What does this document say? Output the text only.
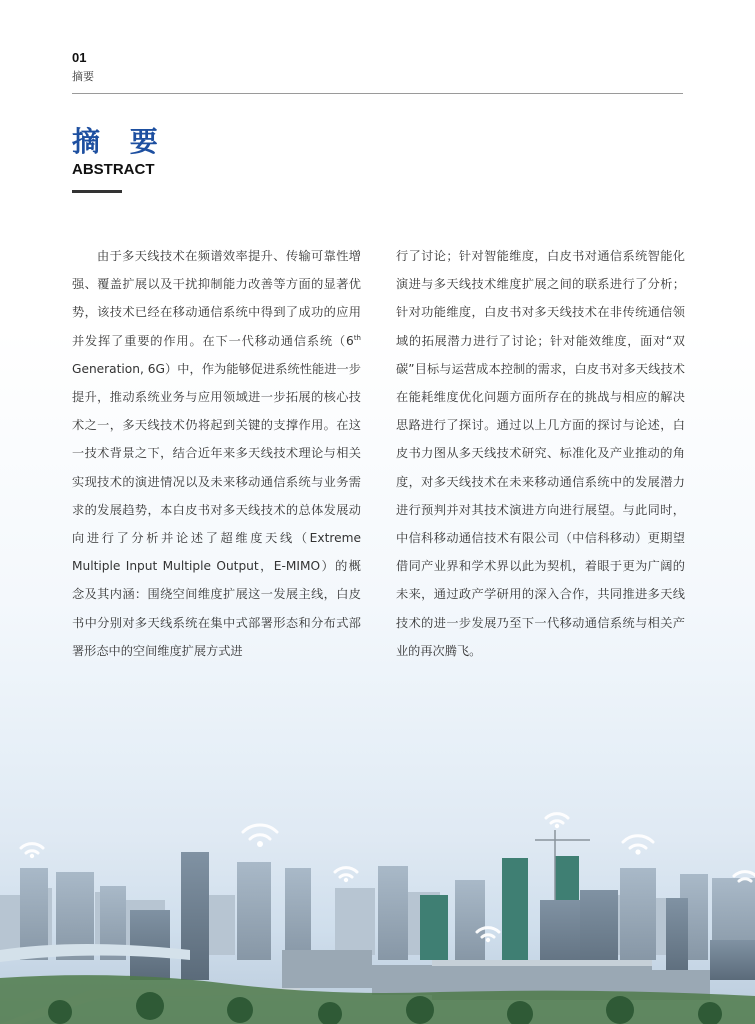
01
摘要
摘 要
ABSTRACT
由于多天线技术在频谱效率提升、传输可靠性增强、覆盖扩展以及干扰抑制能力改善等方面的显著优势，该技术已经在移动通信系统中得到了成功的应用并发挥了重要的作用。在下一代移动通信系统（6th Generation, 6G）中，作为能够促进系统性能进一步提升，推动系统业务与应用领域进一步拓展的核心技术之一，多天线技术仍将起到关键的支撑作用。在这一技术背景之下，结合近年来多天线技术理论与相关实现技术的演进情况以及未来移动通信系统与业务需求的发展趋势，本白皮书对多天线技术的总体发展动向进行了分析并论述了超维度天线（Extreme Multiple Input Multiple Output，E-MIMO）的概念及其内涵：围绕空间维度扩展这一发展主线，白皮书中分别对多天线系统在集中式部署形态和分布式部署形态中的空间维度扩展方式进
行了讨论；针对智能维度，白皮书对通信系统智能化演进与多天线技术维度扩展之间的联系进行了分析；针对功能维度，白皮书对多天线技术在非传统通信领域的拓展潜力进行了讨论；针对能效维度，面对“双碳”目标与运营成本控制的需求，白皮书对多天线技术在能耗维度优化问题方面所存在的挑战与相应的解决思路进行了探讨。通过以上几方面的探讨与论述，白皮书力图从多天线技术研究、标准化及产业推动的角度，对多天线技术在未来移动通信系统中的发展潜力进行预判并对其技术演进方向进行展望。与此同时，中信科移动通信技术有限公司（中信科移动）更期望借同产业界和学术界以此为契机，着眼于更为广阔的未来，通过政产学研用的深入合作，共同推进多天线技术的进一步发展乃至下一代移动通信系统与相关产业的再次腾飞。
